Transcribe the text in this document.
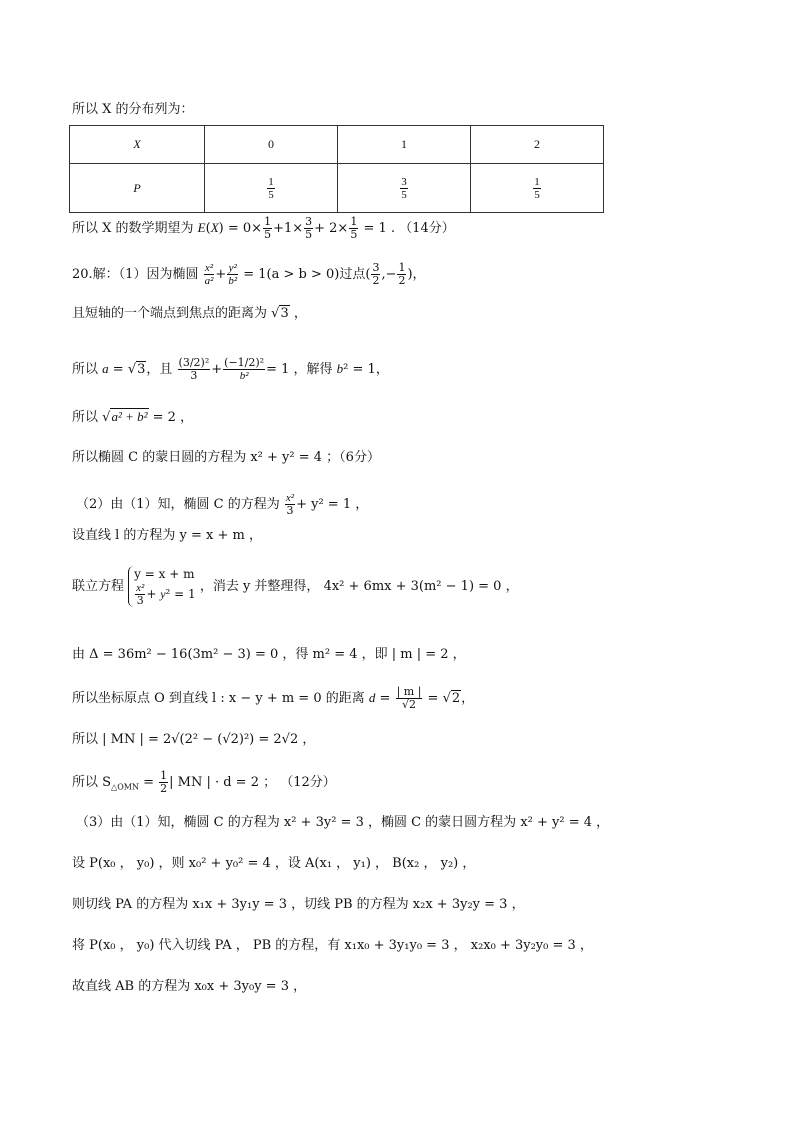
所以 X 的分布列为：
X	0	1	2
P	$\frac{1}{5}$	$\frac{3}{5}$	$\frac{1}{5}$
所以 X 的数学期望为 $E(X) = 0\times \frac{1}{5} +1\times \frac{3}{5} + 2\times \frac{1}{5} = 1$ . （14分）
20.解：（1）因为椭圆 $\frac{\text{x²}}{\text{a²}} + \frac{\text{y²}}{\text{b²}} = 1(a > b > 0)$过点( $\frac{3}{2}$ ,− $\frac{1}{2}$ )，
且短轴的一个端点到焦点的距离为 √3 ，
所以 a = √3，且 $\frac{\text{(3/2)²}}{3} + \frac{\text{(−1/2)²}}{\text{b²}} = 1$ ，解得 b² = 1，
所以 √a² + b² = 2 ，
所以椭圆 C 的蒙日圆的方程为 x² + y² = 4 ；（6分）
（2）由（1）知，椭圆 C 的方程为 $\frac{\text{x²}}{3} + y^2 = 1$ ，
设直线 l 的方程为 y = x + m ，
联立方程
y = x + m
$\frac{\text{x²}}{3} + y^2 = 1$ ，消去 y 并整理得， 4x² + 6mx + 3(m² − 1) = 0 ，
由 Δ = 36m² − 16(3m² − 3) = 0 ，得 m² = 4 ，即 | m | = 2 ，
所以坐标原点 O 到直线 l : x − y + m = 0 的距离 $d = \frac{| m |}{√2} = √2$，
所以 | MN | = 2√(2² − (√2)²) = 2√2 ，
所以 $S_{\triangle OMN} = \frac{1}{2}$ | MN | · d = 2 ； （12分）
（3）由（1）知，椭圆 C 的方程为 x² + 3y² = 3 ，椭圆 C 的蒙日圆方程为 x² + y² = 4 ，
设 P(x₀ ， y₀) ，则 x₀² + y₀² = 4 ，设 A(x₁ ， y₁) ， B(x₂ ， y₂) ，
则切线 PA 的方程为 x₁x + 3y₁y = 3 ，切线 PB 的方程为 x₂x + 3y₂y = 3 ，
将 P(x₀ ， y₀) 代入切线 PA ， PB 的方程，有 x₁x₀ + 3y₁y₀ = 3 ， x₂x₀ + 3y₂y₀ = 3 ，
故直线 AB 的方程为 x₀x + 3y₀y = 3 ，
